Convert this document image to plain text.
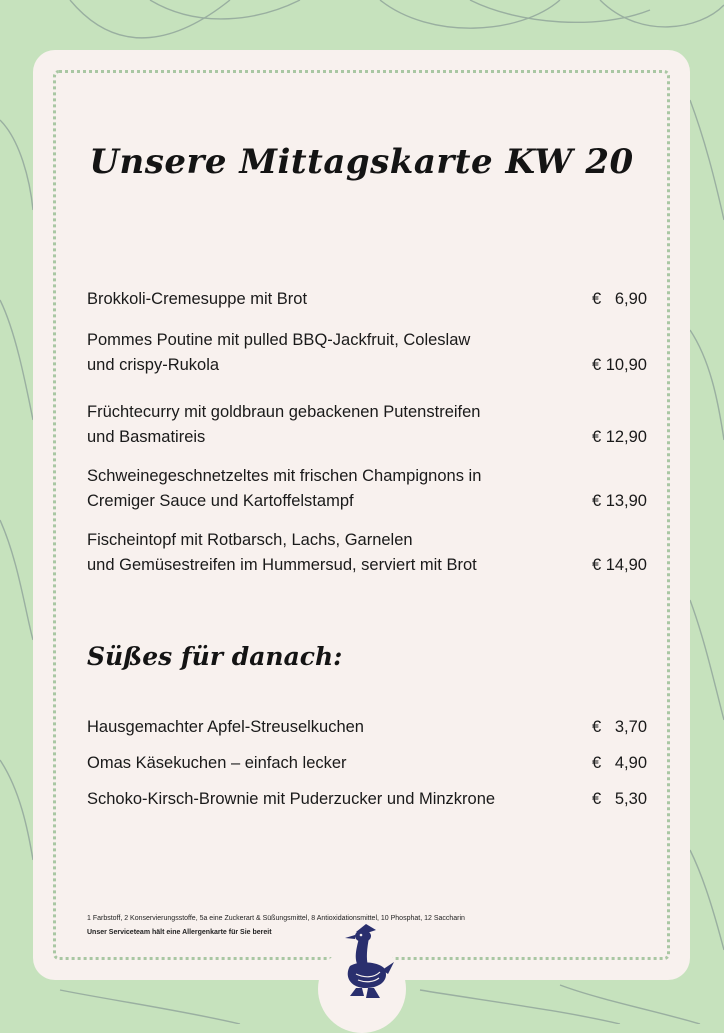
Unsere Mittagskarte KW 20
Brokkoli-Cremesuppe mit Brot	€   6,90
Pommes Poutine mit pulled BBQ-Jackfruit, Coleslaw
und crispy-Rukola	€ 10,90
Früchtecurry mit goldbraun gebackenen Putenstreifen
und Basmatireis	€ 12,90
Schweinegeschnetzeltes mit frischen Champignons in
Cremiger Sauce und Kartoffelstampf	€ 13,90
Fischeintopf mit Rotbarsch, Lachs, Garnelen
und Gemüsestreifen im Hummersud, serviert mit Brot	€ 14,90
Süßes für danach:
Hausgemachter Apfel-Streuselkuchen	€   3,70
Omas Käsekuchen – einfach lecker	€   4,90
Schoko-Kirsch-Brownie mit Puderzucker und Minzkrone	€   5,30
1 Farbstoff, 2 Konservierungsstoffe, 5a eine Zuckerart & Süßungsmittel, 8 Antioxidationsmittel, 10 Phosphat, 12 Saccharin
Unser Serviceteam hält eine Allergenkarte für Sie bereit
